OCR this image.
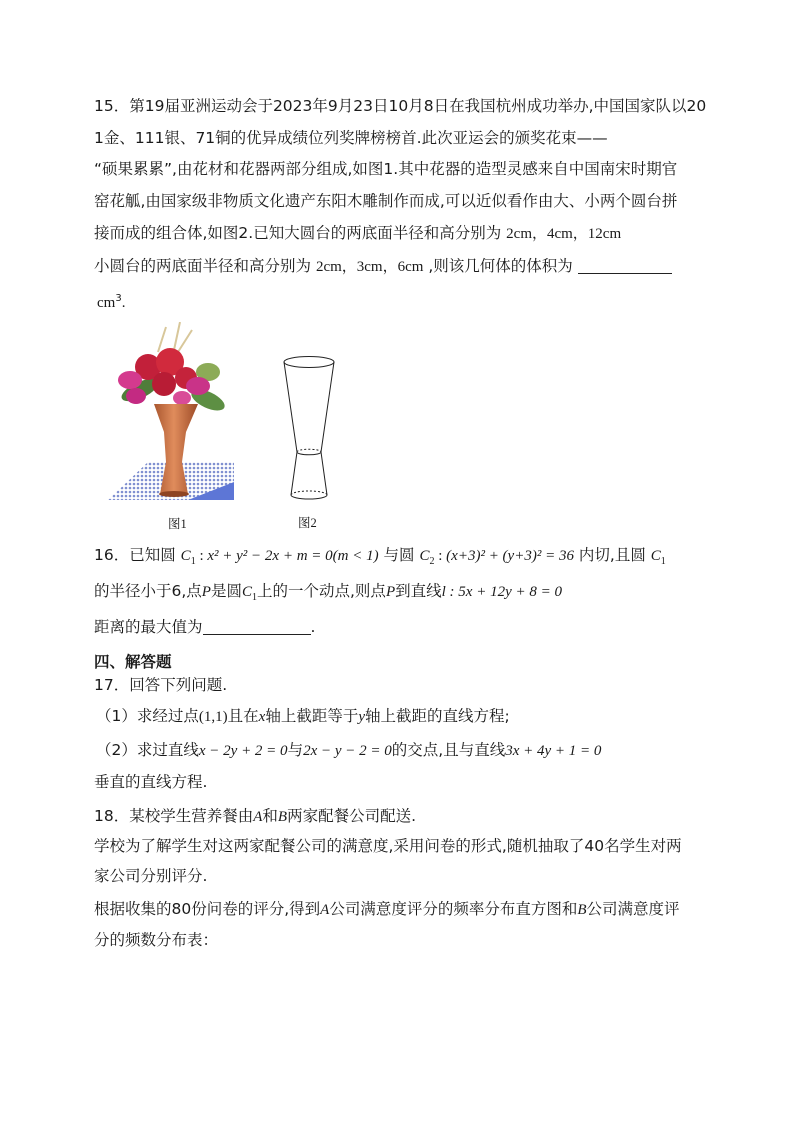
15．第19届亚洲运动会于2023年9月23日10月8日在我国杭州成功举办,中国国家队以20
1金、111银、71铜的优异成绩位列奖牌榜榜首.此次亚运会的颁奖花束——
“硕果累累”,由花材和花器两部分组成,如图1.其中花器的造型灵感来自中国南宋时期官
窑花觚,由国家级非物质文化遗产东阳木雕制作而成,可以近似看作由大、小两个圆台拼
接而成的组合体,如图2.已知大圆台的两底面半径和高分别为 2cm，4cm，12cm
小圆台的两底面半径和高分别为 2cm，3cm，6cm ,则该几何体的体积为
$cm^3$.
图1	图2
16．已知圆 $C_1$ : x² + y² − 2x + m = 0(m < 1) 与圆 $C_2$ : (x+3)² + (y+3)² = 36 内切,且圆 $C_1$
的半径小于6,点P是圆$C_1$上的一个动点,则点P到直线l : 5x + 12y + 8 = 0
距离的最大值为	.
四、解答题
17．回答下列问题.
（1）求经过点(1,1)且在x轴上截距等于y轴上截距的直线方程;
（2）求过直线x − 2y + 2 = 0与2x − y − 2 = 0的交点,且与直线3x + 4y + 1 = 0
垂直的直线方程.
18．某校学生营养餐由A和B两家配餐公司配送.
学校为了解学生对这两家配餐公司的满意度,采用问卷的形式,随机抽取了40名学生对两
家公司分别评分.
根据收集的80份问卷的评分,得到A公司满意度评分的频率分布直方图和B公司满意度评
分的频数分布表：
